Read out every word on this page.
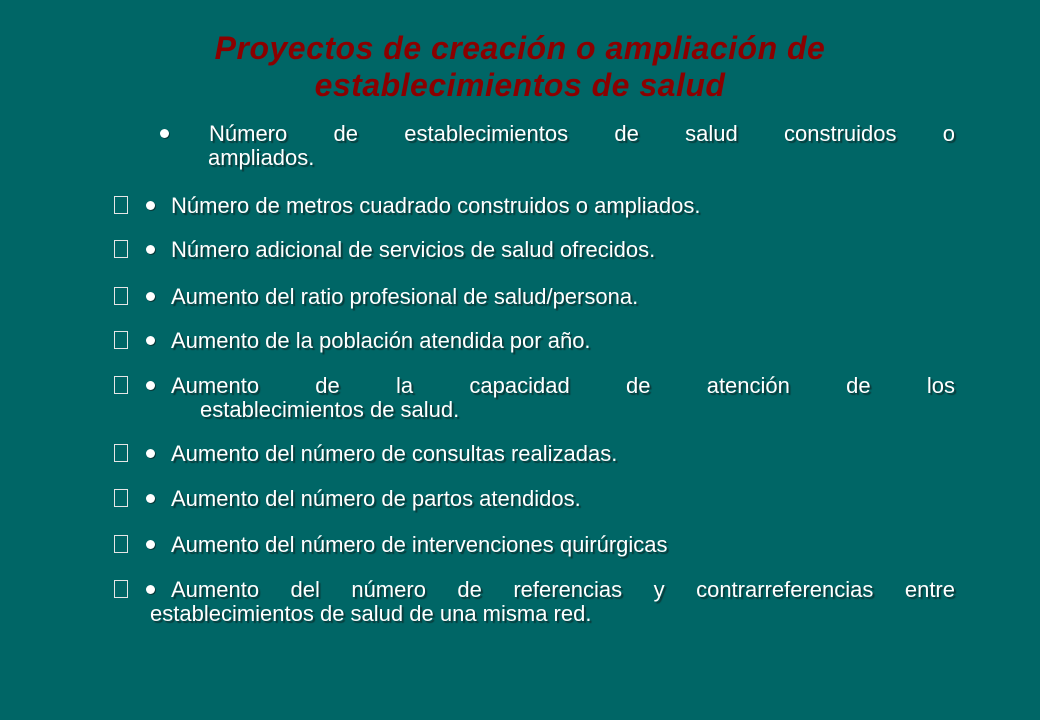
Proyectos de creación o ampliación de
establecimientos de salud
Número de establecimientos de salud construidos o
ampliados.
Número de metros cuadrado construidos o ampliados.
Número adicional de servicios de salud ofrecidos.
Aumento del ratio profesional de salud/persona.
Aumento de la población atendida por año.
Aumento de la capacidad de atención de los
establecimientos de salud.
Aumento del número de consultas realizadas.
Aumento del número de partos atendidos.
Aumento del número de intervenciones quirúrgicas
Aumento del número de referencias y contrarreferencias entre
establecimientos de salud de una misma red.
